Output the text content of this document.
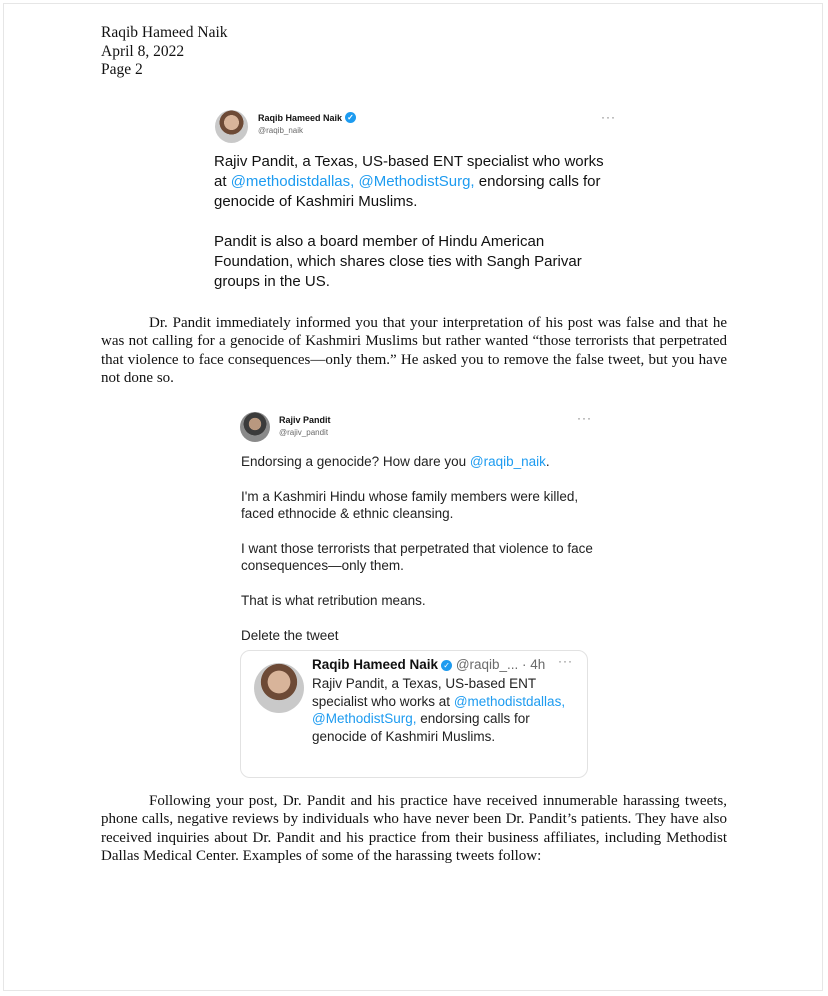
Raqib Hameed Naik
April 8, 2022
Page 2
Raqib Hameed Naik ✓
@raqib_naik
···

Rajiv Pandit, a Texas, US-based ENT specialist who works at @methodistdallas, @MethodistSurg, endorsing calls for genocide of Kashmiri Muslims.

Pandit is also a board member of Hindu American Foundation, which shares close ties with Sangh Parivar groups in the US.

Dr. Pandit immediately informed you that your interpretation of his post was false and that he was not calling for a genocide of Kashmiri Muslims but rather wanted “those terrorists that perpetrated that violence to face consequences—only them.” He asked you to remove the false tweet, but you have not done so.
Rajiv Pandit
@rajiv_pandit
···

Endorsing a genocide? How dare you @raqib_naik.

I'm a Kashmiri Hindu whose family members were killed, faced ethnocide & ethnic cleansing.

I want those terrorists that perpetrated that violence to face consequences—only them.

That is what retribution means.

Delete the tweet

Raqib Hameed Naik ✓ @raqib_... · 4h ···
Rajiv Pandit, a Texas, US-based ENT specialist who works at @methodistdallas, @MethodistSurg, endorsing calls for genocide of Kashmiri Muslims.
Following your post, Dr. Pandit and his practice have received innumerable harassing tweets, phone calls, negative reviews by individuals who have never been Dr. Pandit’s patients. They have also received inquiries about Dr. Pandit and his practice from their business affiliates, including Methodist Dallas Medical Center. Examples of some of the harassing tweets follow:
